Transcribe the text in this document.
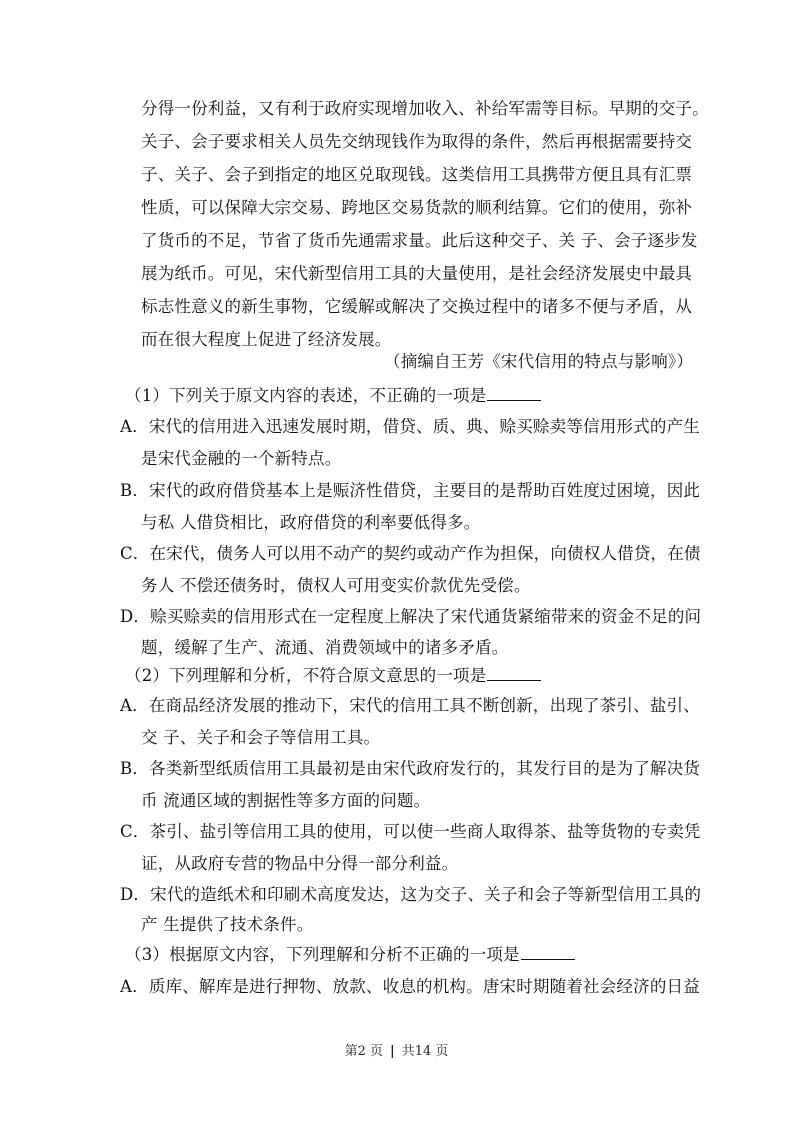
分得一份利益，又有利于政府实现增加收入、补给军需等目标。早期的交子。
关子、会子要求相关人员先交纳现钱作为取得的条件，然后再根据需要持交
子、关子、会子到指定的地区兑取现钱。这类信用工具携带方便且具有汇票
性质，可以保障大宗交易、跨地区交易货款的顺利结算。它们的使用，弥补
了货币的不足，节省了货币先通需求量。此后这种交子、关 子、会子逐步发
展为纸币。可见，宋代新型信用工具的大量使用，是社会经济发展史中最具
标志性意义的新生事物，它缓解或解决了交换过程中的诸多不便与矛盾，从
而在很大程度上促进了经济发展。
（摘编自王芳《宋代信用的特点与影响》）
（1）下列关于原文内容的表述，不正确的一项是
A．宋代的信用进入迅速发展时期，借贷、质、典、赊买赊卖等信用形式的产生
是宋代金融的一个新特点。
B．宋代的政府借贷基本上是赈济性借贷，主要目的是帮助百姓度过困境，因此
与私 人借贷相比，政府借贷的利率要低得多。
C．在宋代，债务人可以用不动产的契约或动产作为担保，向债权人借贷，在债
务人 不偿还债务时，债权人可用变实价款优先受偿。
D．赊买赊卖的信用形式在一定程度上解决了宋代通货紧缩带来的资金不足的问
题，缓解了生产、流通、消费领域中的诸多矛盾。
（2）下列理解和分析，不符合原文意思的一项是
A．在商品经济发展的推动下，宋代的信用工具不断创新，出现了茶引、盐引、
交 子、关子和会子等信用工具。
B．各类新型纸质信用工具最初是由宋代政府发行的，其发行目的是为了解决货
币 流通区域的割据性等多方面的问题。
C．茶引、盐引等信用工具的使用，可以使一些商人取得茶、盐等货物的专卖凭
证，从政府专营的物品中分得一部分利益。
D．宋代的造纸术和印刷术高度发达，这为交子、关子和会子等新型信用工具的
产 生提供了技术条件。
（3）根据原文内容，下列理解和分析不正确的一项是
A．质库、解库是进行押物、放款、收息的机构。唐宋时期随着社会经济的日益
第2 页 | 共14 页
